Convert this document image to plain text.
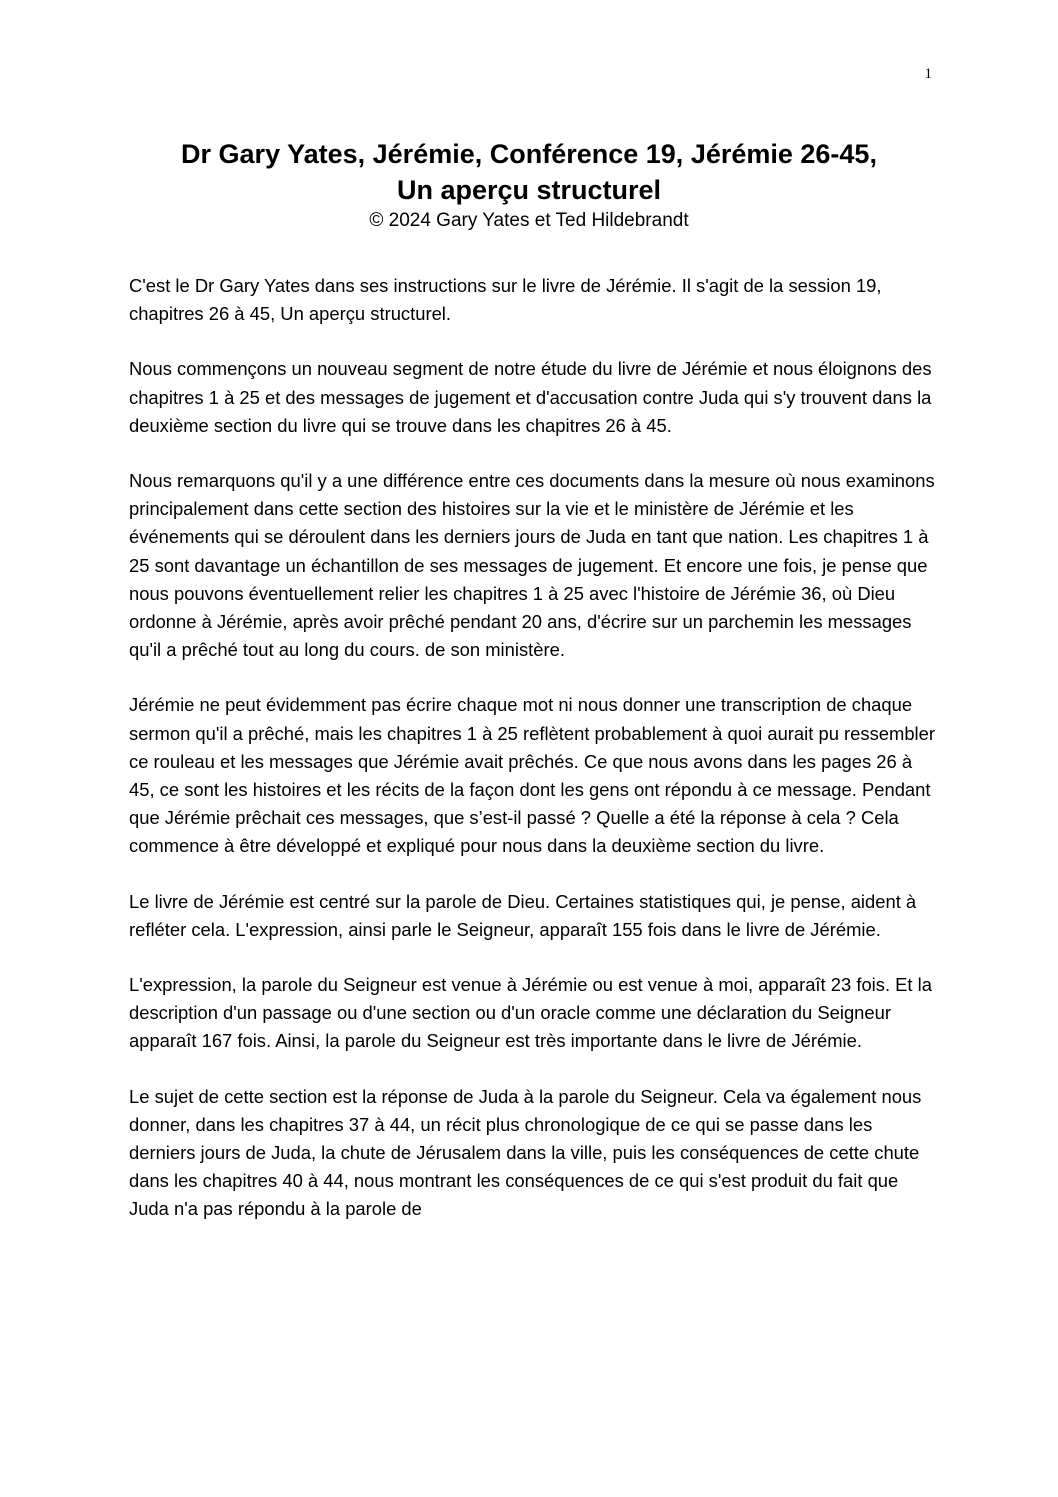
1

Dr Gary Yates, Jérémie, Conférence 19, Jérémie 26-45,

Un aperçu structurel

© 2024 Gary Yates et Ted Hildebrandt

C'est le Dr Gary Yates dans ses instructions sur le livre de Jérémie. Il s'agit de la session 19, chapitres 26 à 45, Un aperçu structurel.

Nous commençons un nouveau segment de notre étude du livre de Jérémie et nous éloignons des chapitres 1 à 25 et des messages de jugement et d'accusation contre Juda qui s'y trouvent dans la deuxième section du livre qui se trouve dans les chapitres 26 à 45.

Nous remarquons qu'il y a une différence entre ces documents dans la mesure où nous examinons principalement dans cette section des histoires sur la vie et le ministère de Jérémie et les événements qui se déroulent dans les derniers jours de Juda en tant que nation. Les chapitres 1 à 25 sont davantage un échantillon de ses messages de jugement. Et encore une fois, je pense que nous pouvons éventuellement relier les chapitres 1 à 25 avec l'histoire de Jérémie 36, où Dieu ordonne à Jérémie, après avoir prêché pendant 20 ans, d'écrire sur un parchemin les messages qu'il a prêché tout au long du cours. de son ministère.

Jérémie ne peut évidemment pas écrire chaque mot ni nous donner une transcription de chaque sermon qu'il a prêché, mais les chapitres 1 à 25 reflètent probablement à quoi aurait pu ressembler ce rouleau et les messages que Jérémie avait prêchés. Ce que nous avons dans les pages 26 à 45, ce sont les histoires et les récits de la façon dont les gens ont répondu à ce message. Pendant que Jérémie prêchait ces messages, que s’est-il passé ? Quelle a été la réponse à cela ? Cela commence à être développé et expliqué pour nous dans la deuxième section du livre.

Le livre de Jérémie est centré sur la parole de Dieu. Certaines statistiques qui, je pense, aident à refléter cela. L'expression, ainsi parle le Seigneur, apparaît 155 fois dans le livre de Jérémie.

L'expression, la parole du Seigneur est venue à Jérémie ou est venue à moi, apparaît 23 fois. Et la description d'un passage ou d'une section ou d'un oracle comme une déclaration du Seigneur apparaît 167 fois. Ainsi, la parole du Seigneur est très importante dans le livre de Jérémie.

Le sujet de cette section est la réponse de Juda à la parole du Seigneur. Cela va également nous donner, dans les chapitres 37 à 44, un récit plus chronologique de ce qui se passe dans les derniers jours de Juda, la chute de Jérusalem dans la ville, puis les conséquences de cette chute dans les chapitres 40 à 44, nous montrant les conséquences de ce qui s'est produit du fait que Juda n'a pas répondu à la parole de
